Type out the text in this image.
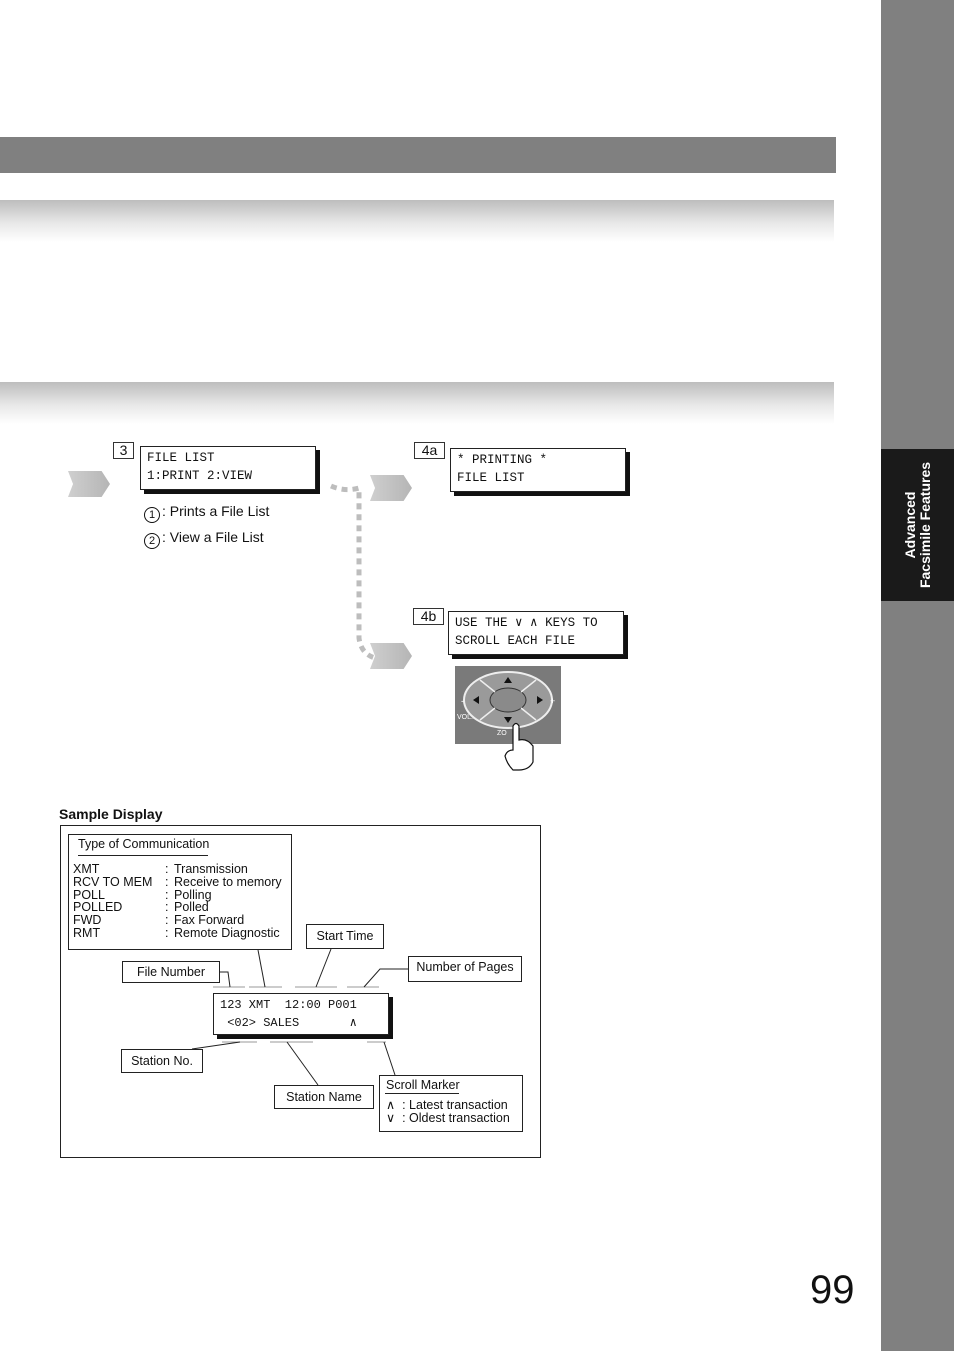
Advanced
Facsimile Features
3	FILE LIST
1:PRINT 2:VIEW
1 : Prints a File List
2 : View a File List
4a
* PRINTING *
FILE LIST
4b	USE THE ∨ ∧ KEYS TO
SCROLL EACH FILE
VOL.
ZO
-	+
Sample Display
Type of Communication
XMT	: Transmission
RCV TO MEM : Receive to memory
POLL	: Polling
POLLED	: Polled
FWD	: Fax Forward
RMT	: Remote Diagnostic	Start Time
File Number	Number of Pages
123 XMT  12:00 P001
<02> SALES       ∧
Station No.
Station Name
Scroll Marker
∧ : Latest transaction
∨ : Oldest transaction
99
